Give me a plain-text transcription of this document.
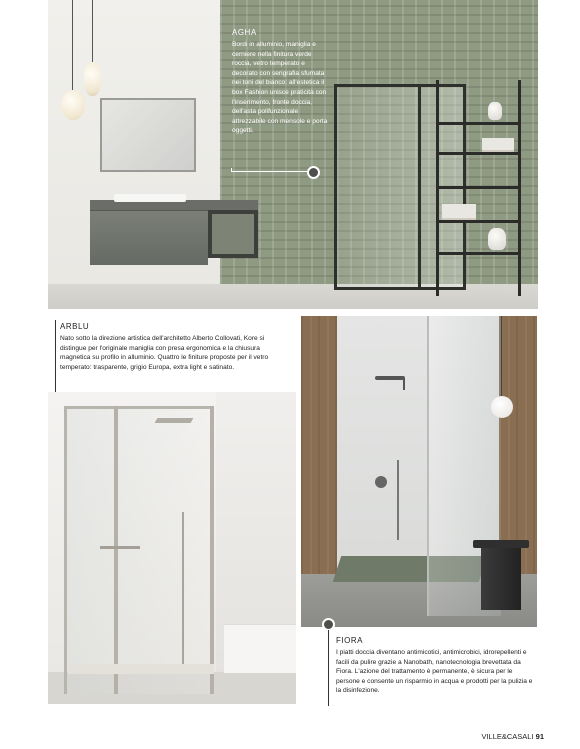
AGHA

Bordi in alluminio, maniglia e cerniere nella finitura verde roccia, vetro temperato e decorato con serigrafia sfumata nei toni del bianco: all'estetica il box Fashion unisce praticità con l'inserimento, fronte doccia, dell'asta polifunzionale attrezzabile con mensole e porta oggetti.

ARBLU

Nato sotto la direzione artistica dell'architetto Alberto Collovati, Kore si distingue per l'originale maniglia con presa ergonomica e la chiusura magnetica su profilo in alluminio. Quattro le finiture proposte per il vetro temperato: trasparente, grigio Europa, extra light e satinato.

FIORA

I piatti doccia diventano antimicotici, antimicrobici, idrorepellenti e facili da pulire grazie a Nanobath, nanotecnologia brevettata da Fiora. L'azione del trattamento è permanente, è sicura per le persone e consente un risparmio in acqua e prodotti per la pulizia e la disinfezione.

VILLE&CASALI 91
